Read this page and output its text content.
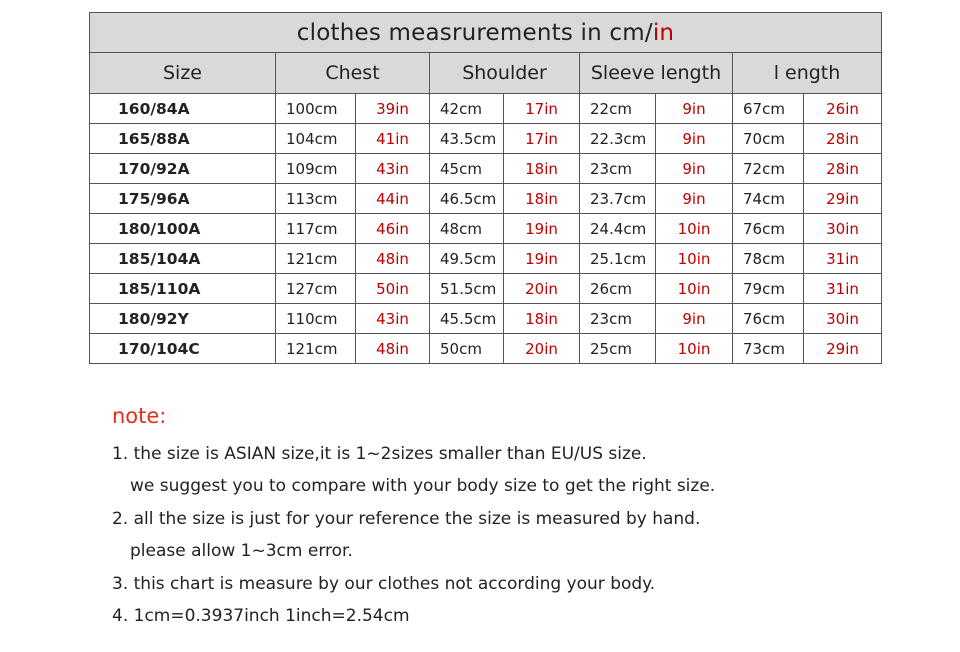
clothes measrurements in cm/in								
Size	Chest		Shoulder		Sleeve length		l ength	
160/84A	100cm	39in	42cm	17in	22cm	9in	67cm	26in
165/88A	104cm	41in	43.5cm	17in	22.3cm	9in	70cm	28in
170/92A	109cm	43in	45cm	18in	23cm	9in	72cm	28in
175/96A	113cm	44in	46.5cm	18in	23.7cm	9in	74cm	29in
180/100A	117cm	46in	48cm	19in	24.4cm	10in	76cm	30in
185/104A	121cm	48in	49.5cm	19in	25.1cm	10in	78cm	31in
185/110A	127cm	50in	51.5cm	20in	26cm	10in	79cm	31in
180/92Y	110cm	43in	45.5cm	18in	23cm	9in	76cm	30in
170/104C	121cm	48in	50cm	20in	25cm	10in	73cm	29in
note:
1. the size is ASIAN size,it is 1~2sizes smaller than EU/US size.
we suggest you to compare with your body size to get the right size.
2. all the size is just for your reference the size is measured by hand.
please allow 1~3cm error.
3. this chart is measure by our clothes not according your body.
4. 1cm=0.3937inch 1inch=2.54cm
